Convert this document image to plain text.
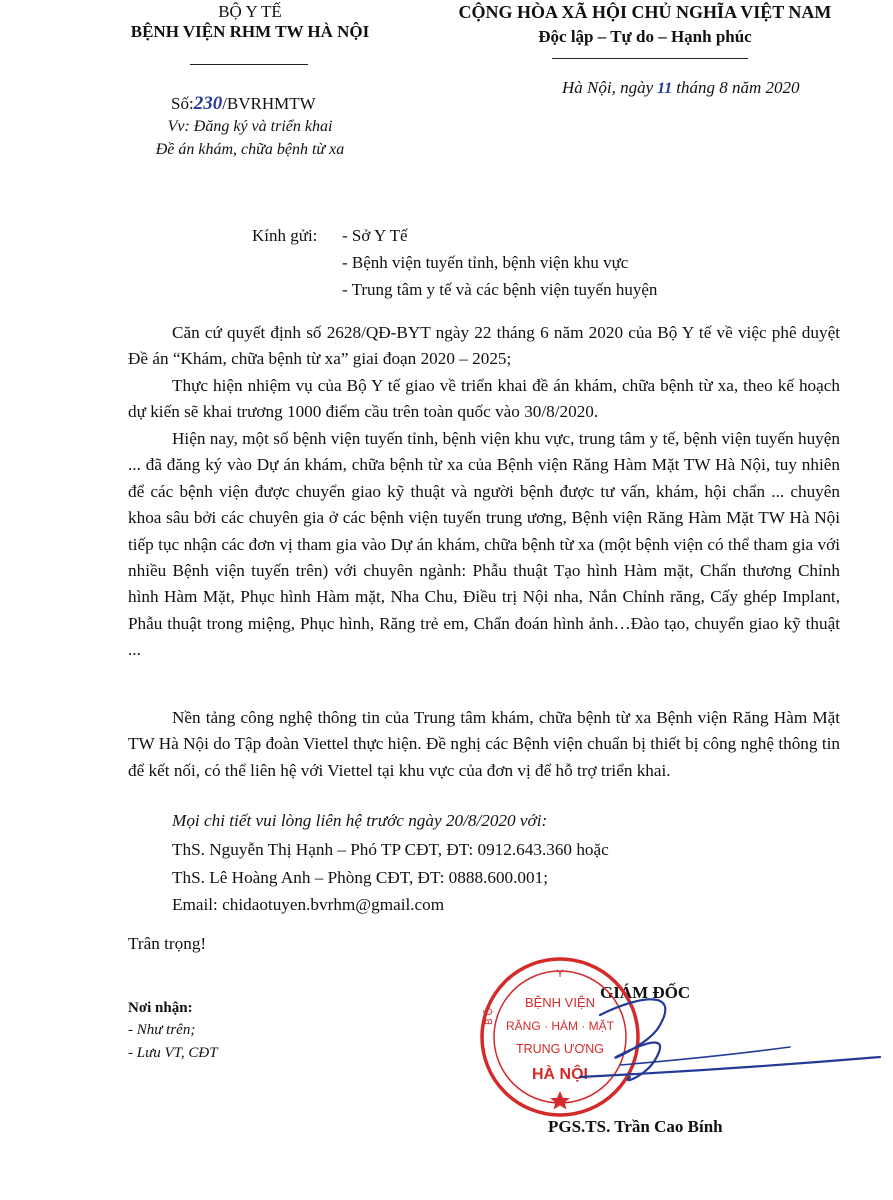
BỘ Y TẾ
BỆNH VIỆN RHM TW HÀ NỘI
Số:230/BVRHMTW
Vv: Đăng ký và triển khai
Đề án khám, chữa bệnh từ xa
CỘNG HÒA XÃ HỘI CHỦ NGHĨA VIỆT NAM
Độc lập – Tự do – Hạnh phúc
Hà Nội, ngày 11 tháng 8 năm 2020
Kính gửi: - Sở Y Tế
- Bệnh viện tuyến tỉnh, bệnh viện khu vực
- Trung tâm y tế và các bệnh viện tuyến huyện
Căn cứ quyết định số 2628/QĐ-BYT ngày 22 tháng 6 năm 2020 của Bộ Y tế về việc phê duyệt Đề án “Khám, chữa bệnh từ xa” giai đoạn 2020 – 2025;
Thực hiện nhiệm vụ của Bộ Y tế giao về triển khai đề án khám, chữa bệnh từ xa, theo kế hoạch dự kiến sẽ khai trương 1000 điểm cầu trên toàn quốc vào 30/8/2020.
Hiện nay, một số bệnh viện tuyến tỉnh, bệnh viện khu vực, trung tâm y tế, bệnh viện tuyến huyện ... đã đăng ký vào Dự án khám, chữa bệnh từ xa của Bệnh viện Răng Hàm Mặt TW Hà Nội, tuy nhiên để các bệnh viện được chuyển giao kỹ thuật và người bệnh được tư vấn, khám, hội chẩn ... chuyên khoa sâu bởi các chuyên gia ở các bệnh viện tuyến trung ương, Bệnh viện Răng Hàm Mặt TW Hà Nội tiếp tục nhận các đơn vị tham gia vào Dự án khám, chữa bệnh từ xa (một bệnh viện có thể tham gia với nhiều Bệnh viện tuyến trên) với chuyên ngành: Phẫu thuật Tạo hình Hàm mặt, Chấn thương Chỉnh hình Hàm Mặt, Phục hình Hàm mặt, Nha Chu, Điều trị Nội nha, Nắn Chỉnh răng, Cấy ghép Implant, Phẫu thuật trong miệng, Phục hình, Răng trẻ em, Chẩn đoán hình ảnh…Đào tạo, chuyển giao kỹ thuật ...
Nền tảng công nghệ thông tin của Trung tâm khám, chữa bệnh từ xa Bệnh viện Răng Hàm Mặt TW Hà Nội do Tập đoàn Viettel thực hiện. Đề nghị các Bệnh viện chuẩn bị thiết bị công nghệ thông tin để kết nối, có thể liên hệ với Viettel tại khu vực của đơn vị để hỗ trợ triển khai.
Mọi chi tiết vui lòng liên hệ trước ngày 20/8/2020 với:
ThS. Nguyễn Thị Hạnh – Phó TP CĐT, ĐT: 0912.643.360 hoặc
ThS. Lê Hoàng Anh – Phòng CĐT, ĐT: 0888.600.001;
Email: chidaotuyen.bvrhm@gmail.com
Trân trọng!
Nơi nhận:
- Như trên;
- Lưu VT, CĐT
GIÁM ĐỐC
Y
B Ộ
BỆNH VIỆN
RĂNG · HÀM · MẶT
TRUNG ƯƠNG
HÀ NỘI
PGS.TS. Trần Cao Bính
